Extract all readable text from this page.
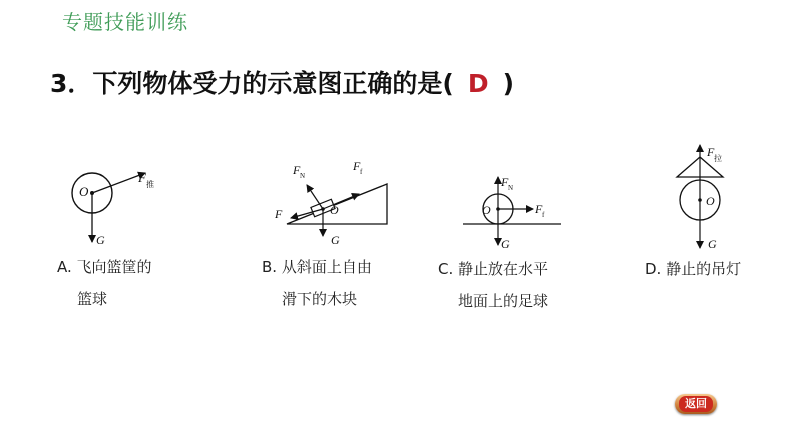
专题技能训练
3．下列物体受力的示意图正确的是( D )
O
F 推
G
F N
F f
F	O
G
F N
F f
O
G
F 拉
O
G
A. 飞向篮筐的
篮球
B. 从斜面上自由
滑下的木块
C. 静止放在水平
地面上的足球
D. 静止的吊灯
返回
